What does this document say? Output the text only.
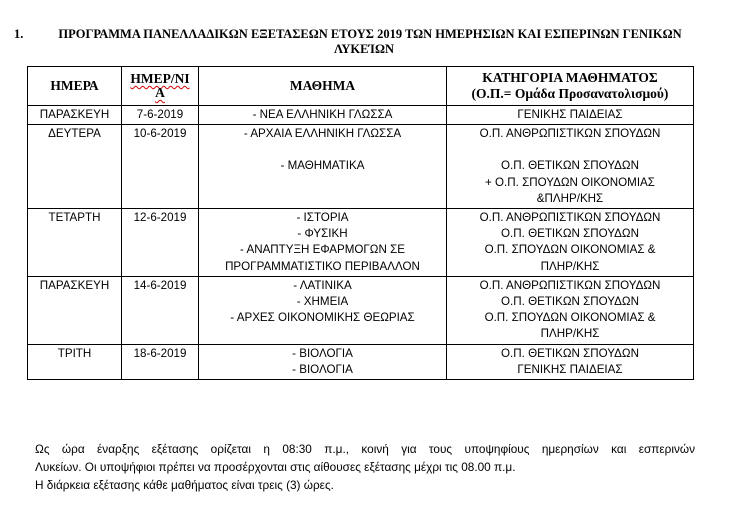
1.	ΠΡΟΓΡΑΜΜΑ ΠΑΝΕΛΛΑΔΙΚΩΝ ΕΞΕΤΑΣΕΩΝ ΕΤΟΥΣ 2019 ΤΩΝ ΗΜΕΡΗΣΙΩΝ ΚΑΙ ΕΣΠΕΡΙΝΩΝ ΓΕΝΙΚΩΝ
ΛΥΚΕΊΩΝ
ΗΜΕΡΑ	ΗΜΕΡ/ΝΙ
Α	ΜΑΘΗΜΑ	ΚΑΤΗΓΟΡΙΑ ΜΑΘΗΜΑΤΟΣ
(Ο.Π.= Ομάδα Προσανατολισμού)

ΠΑΡΑΣΚΕΥΗ	7-6-2019	- ΝΕΑ ΕΛΛΗΝΙΚΗ ΓΛΩΣΣΑ	ΓΕΝΙΚΗΣ ΠΑΙΔΕΙΑΣ

ΔΕΥΤΕΡΑ	10-6-2019	- ΑΡΧΑΙΑ ΕΛΛΗΝΙΚΗ ΓΛΩΣΣΑ
- ΜΑΘΗΜΑΤΙΚΑ	Ο.Π. ΑΝΘΡΩΠΙΣΤΙΚΩΝ ΣΠΟΥΔΩΝ
Ο.Π. ΘΕΤΙΚΩΝ ΣΠΟΥΔΩΝ
+ Ο.Π. ΣΠΟΥΔΩΝ ΟΙΚΟΝΟΜΙΑΣ
&ΠΛΗΡ/ΚΗΣ

ΤΕΤΑΡΤΗ	12-6-2019	- ΙΣΤΟΡΙΑ
- ΦΥΣΙΚΗ
- ΑΝΑΠΤΥΞΗ ΕΦΑΡΜΟΓΩΝ ΣΕ
ΠΡΟΓΡΑΜΜΑΤΙΣΤΙΚΟ ΠΕΡΙΒΑΛΛΟΝ	Ο.Π. ΑΝΘΡΩΠΙΣΤΙΚΩΝ ΣΠΟΥΔΩΝ
Ο.Π. ΘΕΤΙΚΩΝ ΣΠΟΥΔΩΝ
Ο.Π. ΣΠΟΥΔΩΝ ΟΙΚΟΝΟΜΙΑΣ &
ΠΛΗΡ/ΚΗΣ

ΠΑΡΑΣΚΕΥΗ	14-6-2019	- ΛΑΤΙΝΙΚΑ
- ΧΗΜΕΙΑ
- ΑΡΧΕΣ ΟΙΚΟΝΟΜΙΚΗΣ ΘΕΩΡΙΑΣ	Ο.Π. ΑΝΘΡΩΠΙΣΤΙΚΩΝ ΣΠΟΥΔΩΝ
Ο.Π. ΘΕΤΙΚΩΝ ΣΠΟΥΔΩΝ
Ο.Π. ΣΠΟΥΔΩΝ ΟΙΚΟΝΟΜΙΑΣ &
ΠΛΗΡ/ΚΗΣ

ΤΡΙΤΗ	18-6-2019	- ΒΙΟΛΟΓΙΑ
- ΒΙΟΛΟΓΙΑ	Ο.Π. ΘΕΤΙΚΩΝ ΣΠΟΥΔΩΝ
ΓΕΝΙΚΗΣ ΠΑΙΔΕΙΑΣ
Ως ώρα έναρξης εξέτασης ορίζεται η 08:30 π.μ., κοινή για τους υποψηφίους ημερησίων και εσπερινών
Λυκείων. Οι υποψήφιοι πρέπει να προσέρχονται στις αίθουσες εξέτασης μέχρι τις 08.00 π.μ.
Η διάρκεια εξέτασης κάθε μαθήματος είναι τρεις (3) ώρες.
